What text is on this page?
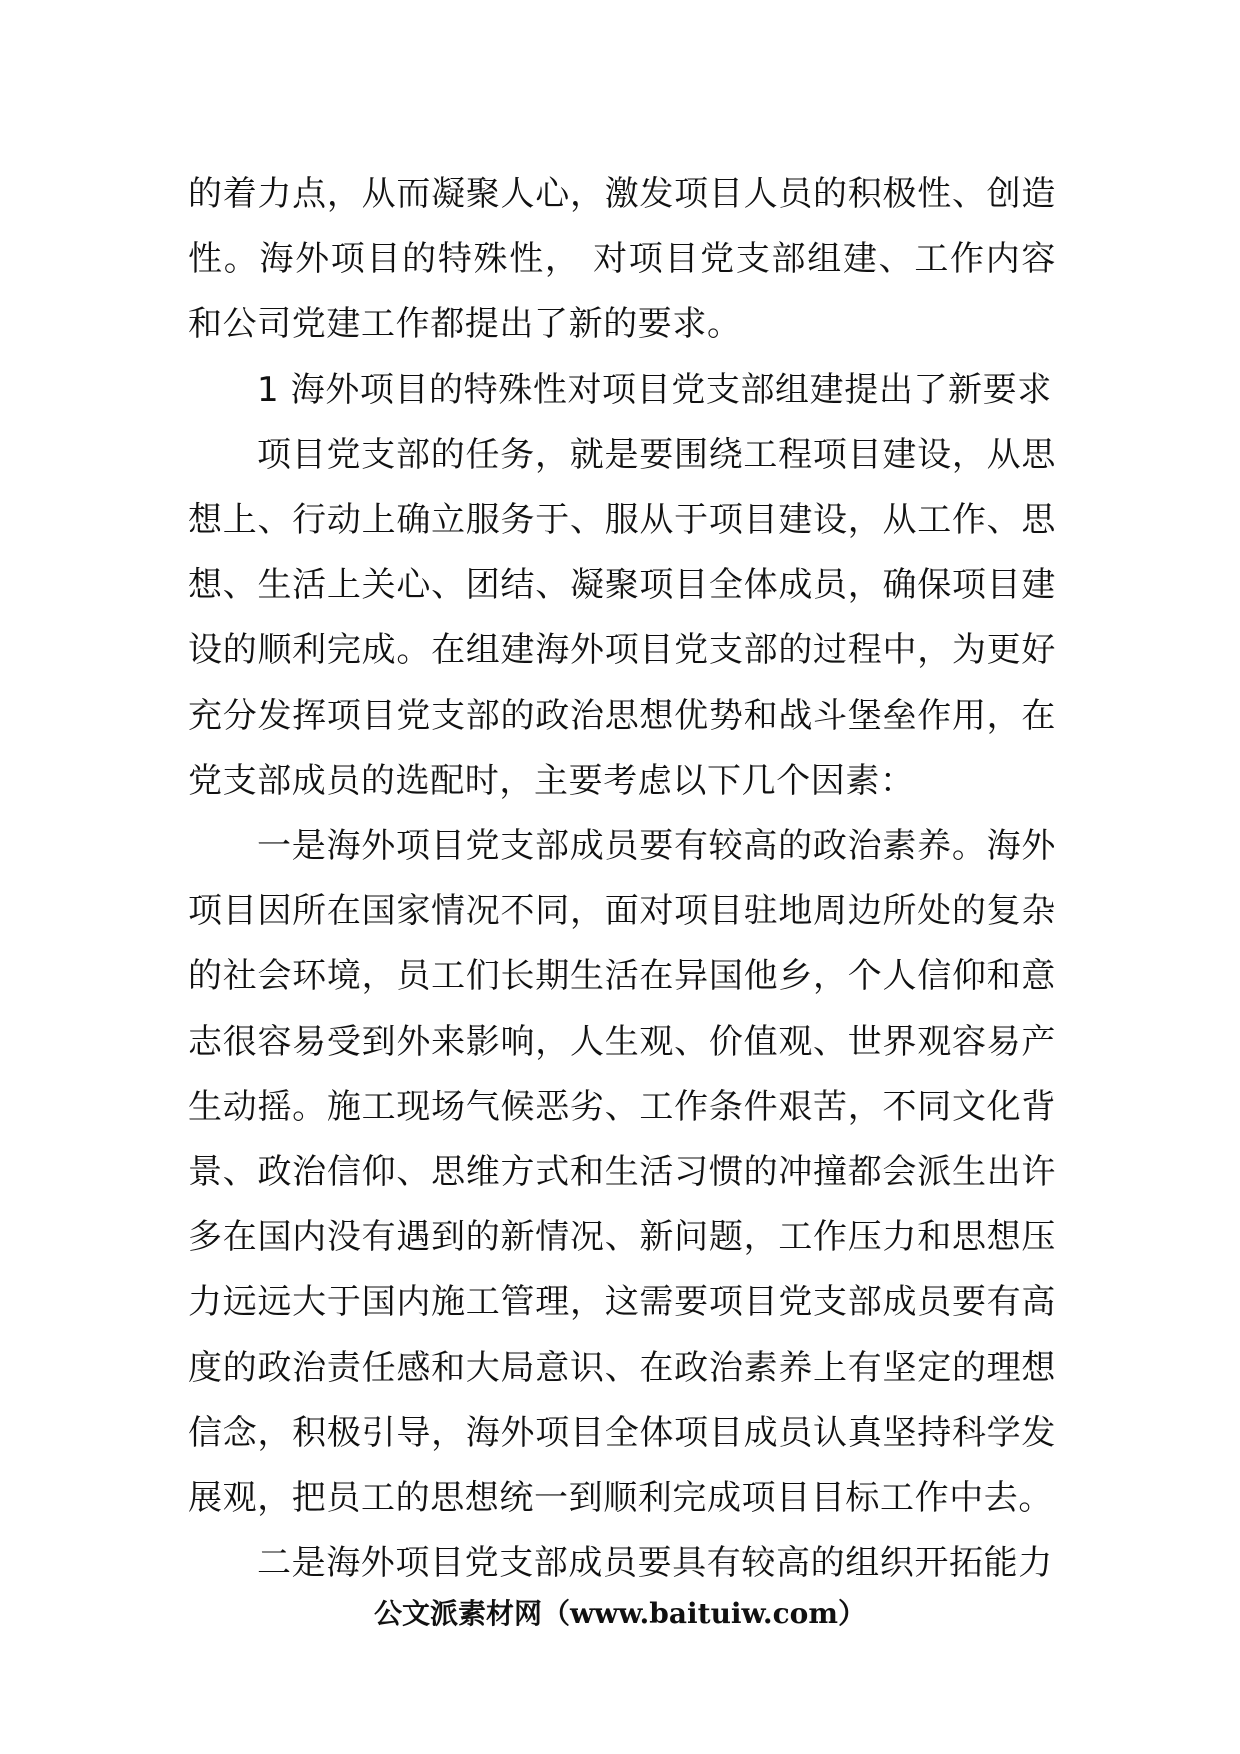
的着力点，从而凝聚人心，激发项目人员的积极性、创造性。海外项目的特殊性， 对项目党支部组建、工作内容和公司党建工作都提出了新的要求。

1 海外项目的特殊性对项目党支部组建提出了新要求

项目党支部的任务，就是要围绕工程项目建设，从思想上、行动上确立服务于、服从于项目建设，从工作、思想、生活上关心、团结、凝聚项目全体成员，确保项目建设的顺利完成。在组建海外项目党支部的过程中，为更好充分发挥项目党支部的政治思想优势和战斗堡垒作用，在党支部成员的选配时，主要考虑以下几个因素：

一是海外项目党支部成员要有较高的政治素养。海外项目因所在国家情况不同，面对项目驻地周边所处的复杂的社会环境，员工们长期生活在异国他乡，个人信仰和意志很容易受到外来影响，人生观、价值观、世界观容易产生动摇。施工现场气候恶劣、工作条件艰苦，不同文化背景、政治信仰、思维方式和生活习惯的冲撞都会派生出许多在国内没有遇到的新情况、新问题，工作压力和思想压力远远大于国内施工管理，这需要项目党支部成员要有高度的政治责任感和大局意识、在政治素养上有坚定的理想信念，积极引导，海外项目全体项目成员认真坚持科学发展观，把员工的思想统一到顺利完成项目目标工作中去。

二是海外项目党支部成员要具有较高的组织开拓能力

公文派素材网（www.baituiw.com）
